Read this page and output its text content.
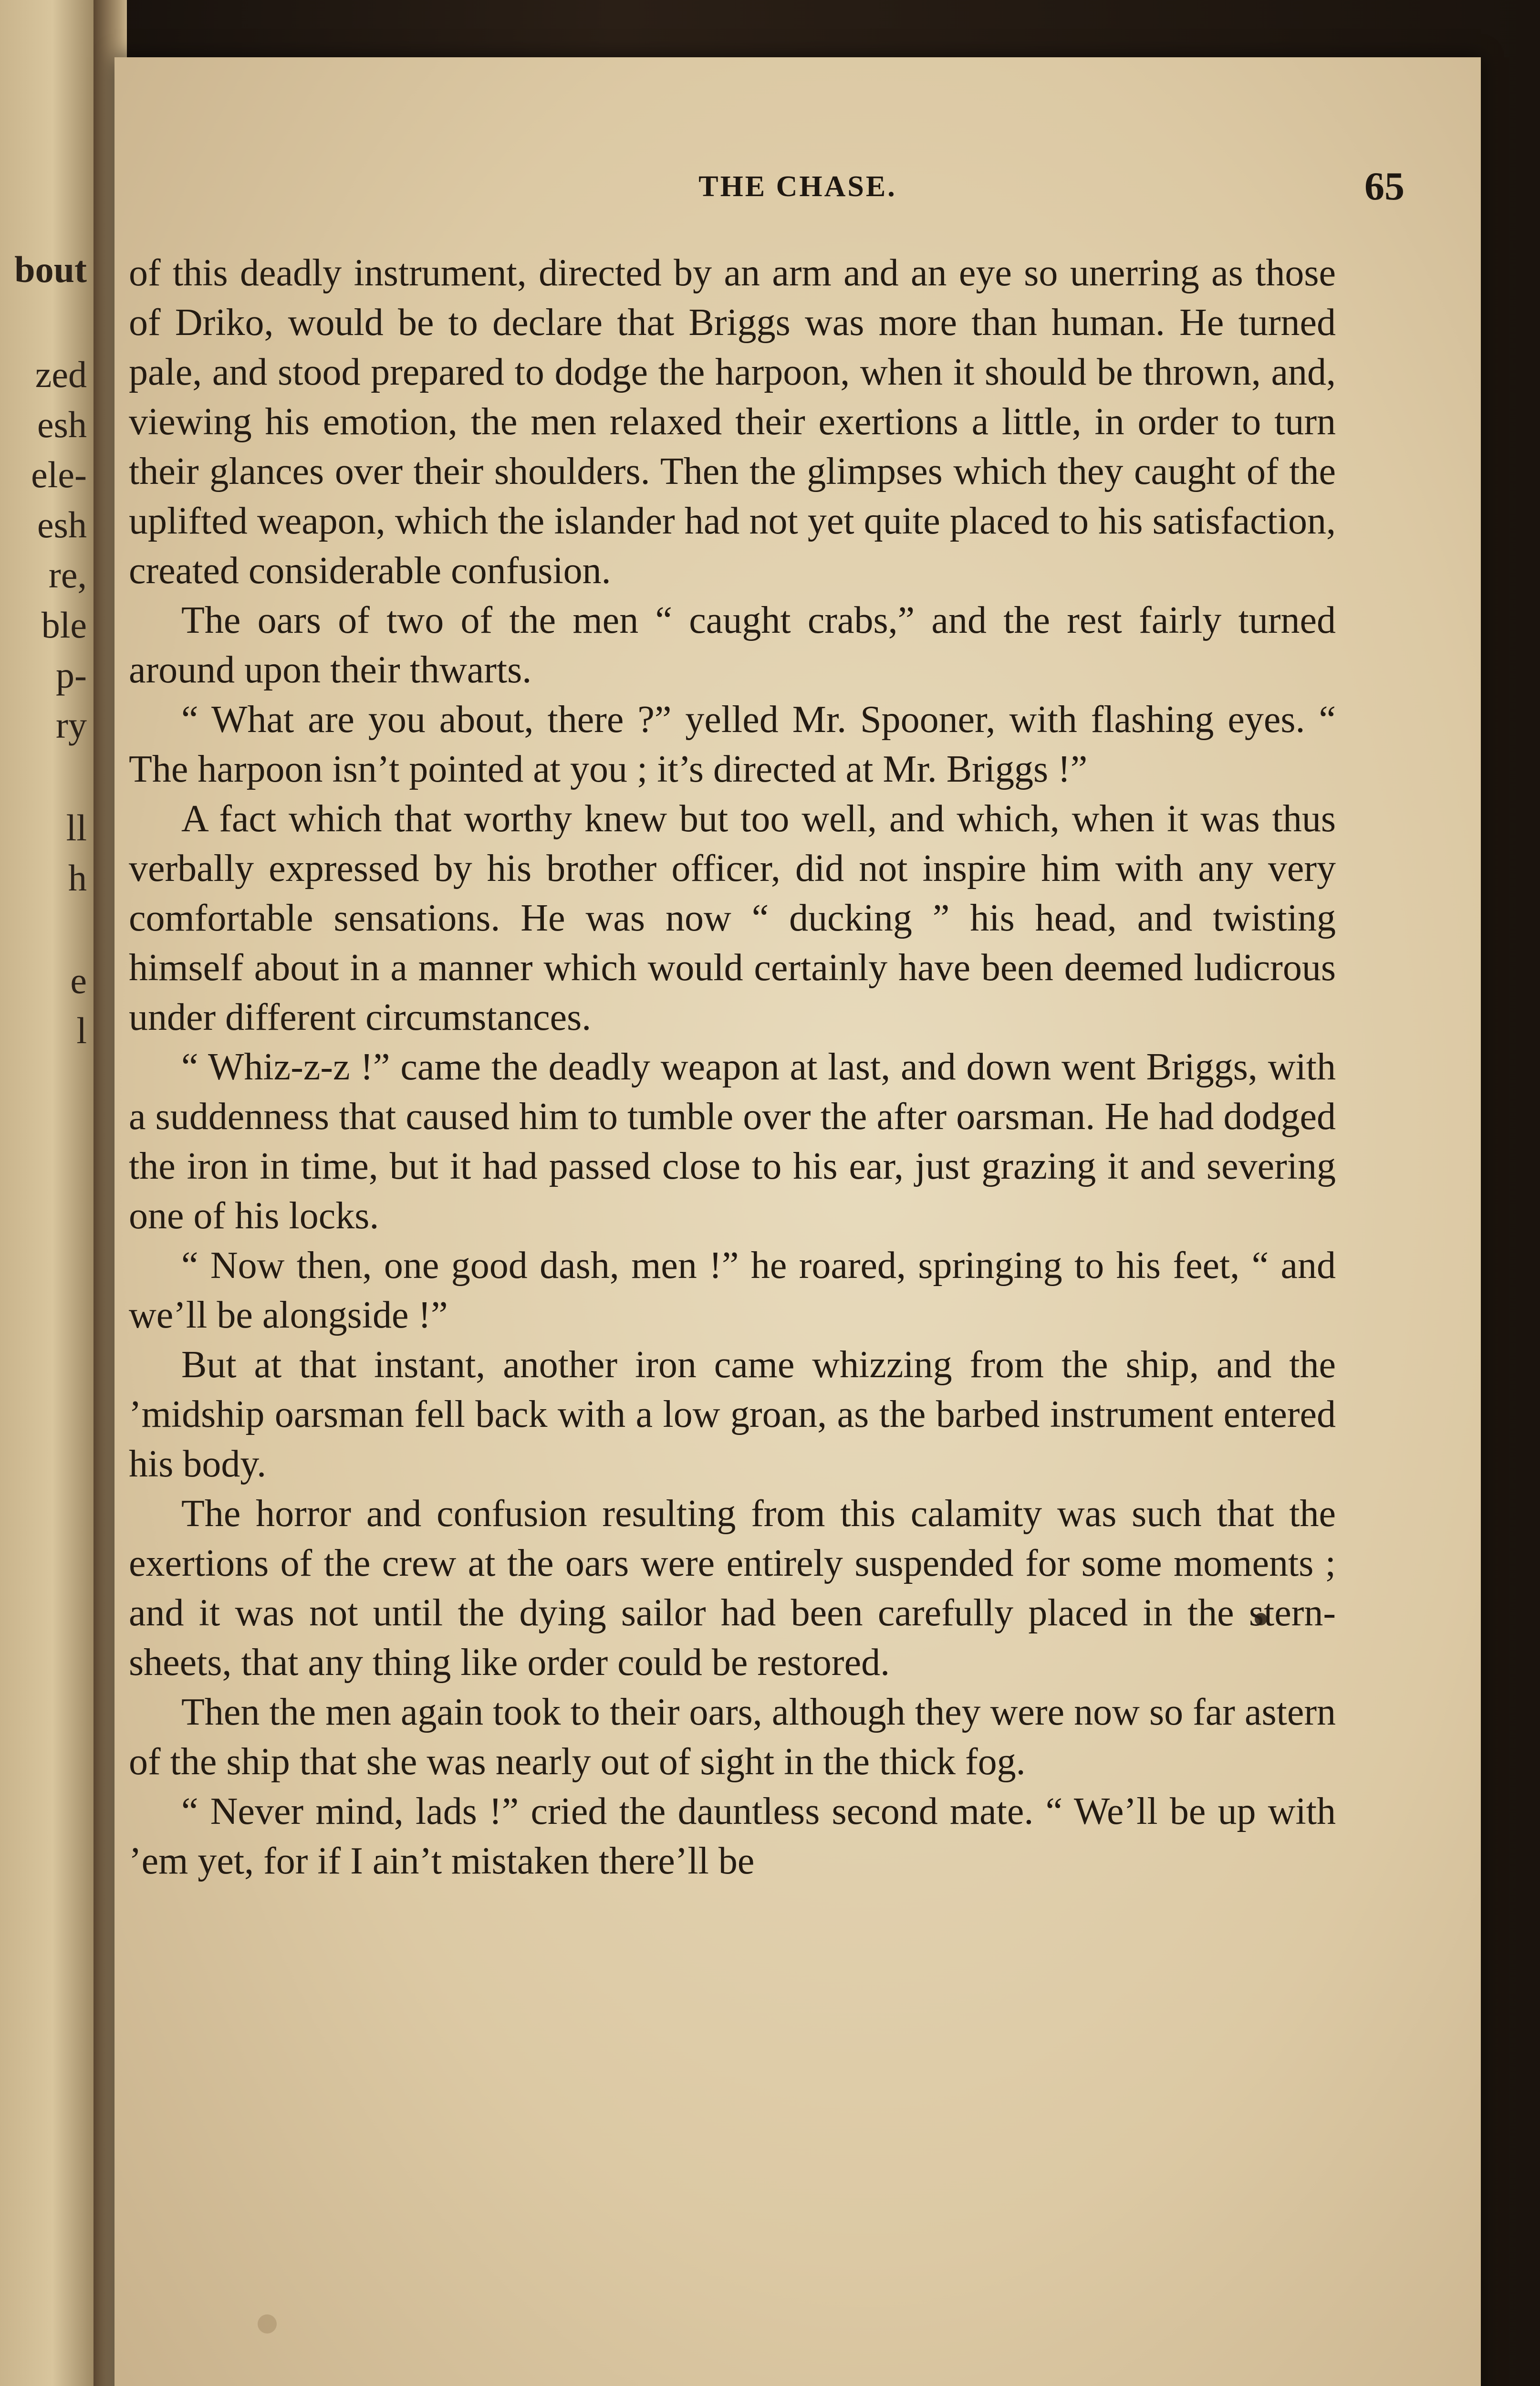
bout
zed
esh
ele-
esh
re,
ble
p-
ry
ll
h
e
l
THE CHASE.	65

of this deadly instrument, directed by an arm and an eye so unerring as those of Driko, would be to declare that Briggs was more than human. He turned pale, and stood prepared to dodge the harpoon, when it should be thrown, and, viewing his emotion, the men relaxed their exertions a little, in order to turn their glances over their shoulders. Then the glimpses which they caught of the uplifted weapon, which the islander had not yet quite placed to his satisfaction, created considerable confusion.

The oars of two of the men “ caught crabs,” and the rest fairly turned around upon their thwarts.

“ What are you about, there ?” yelled Mr. Spooner, with flashing eyes. “ The harpoon isn’t pointed at you ; it’s directed at Mr. Briggs !”

A fact which that worthy knew but too well, and which, when it was thus verbally expressed by his brother officer, did not inspire him with any very comfortable sensations. He was now “ ducking ” his head, and twisting himself about in a manner which would certainly have been deemed ludicrous under different circumstances.

“ Whiz-z-z !” came the deadly weapon at last, and down went Briggs, with a suddenness that caused him to tumble over the after oarsman. He had dodged the iron in time, but it had passed close to his ear, just grazing it and severing one of his locks.

“ Now then, one good dash, men !” he roared, springing to his feet, “ and we’ll be alongside !”

But at that instant, another iron came whizzing from the ship, and the ’midship oarsman fell back with a low groan, as the barbed instrument entered his body.

The horror and confusion resulting from this calamity was such that the exertions of the crew at the oars were entirely suspended for some moments ; and it was not until the dying sailor had been carefully placed in the stern-sheets, that any thing like order could be restored.

Then the men again took to their oars, although they were now so far astern of the ship that she was nearly out of sight in the thick fog.

“ Never mind, lads !” cried the dauntless second mate. “ We’ll be up with ’em yet, for if I ain’t mistaken there’ll be
